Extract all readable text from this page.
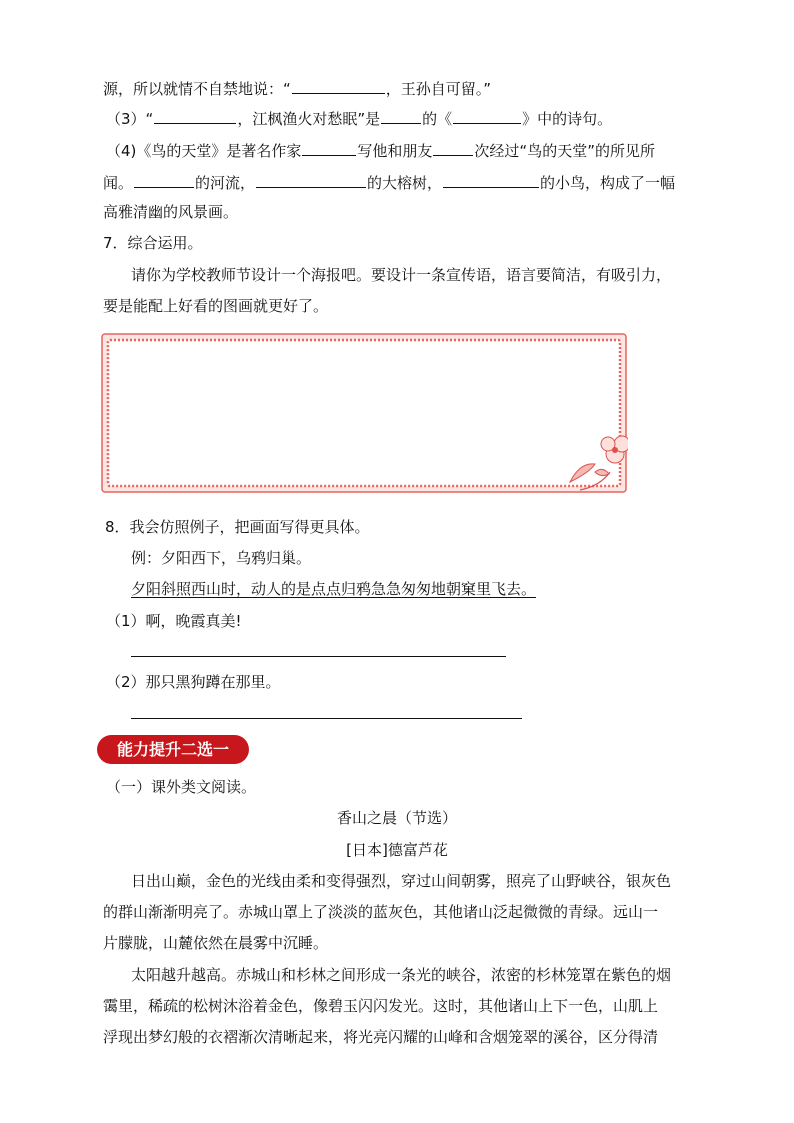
源，所以就情不自禁地说：“	，王孙自可留。”
（3）“	，江枫渔火对愁眠”是	的《	》中的诗句。
（4)《鸟的天堂》是著名作家	写他和朋友	次经过“鸟的天堂”的所见所
闻。	的河流，	的大榕树，	的小鸟，构成了一幅
高雅清幽的风景画。
7．综合运用。
请你为学校教师节设计一个海报吧。要设计一条宣传语，语言要简洁，有吸引力，
要是能配上好看的图画就更好了。
8．我会仿照例子，把画面写得更具体。
例：夕阳西下，乌鸦归巢。
夕阳斜照西山时，动人的是点点归鸦急急匆匆地朝窠里飞去。
（1）啊，晚霞真美!
（2）那只黑狗蹲在那里。
能力提升二选一
（一）课外类文阅读。
香山之晨（节选）
[日本]德富芦花
日出山巅，金色的光线由柔和变得强烈，穿过山间朝雾，照亮了山野峡谷，银灰色
的群山渐渐明亮了。赤城山罩上了淡淡的蓝灰色，其他诸山泛起微微的青绿。远山一
片朦胧，山麓依然在晨雾中沉睡。
太阳越升越高。赤城山和杉林之间形成一条光的峡谷，浓密的杉林笼罩在紫色的烟
霭里，稀疏的松树沐浴着金色，像碧玉闪闪发光。这时，其他诸山上下一色，山肌上
浮现出梦幻般的衣褶渐次清晰起来，将光亮闪耀的山峰和含烟笼翠的溪谷，区分得清
